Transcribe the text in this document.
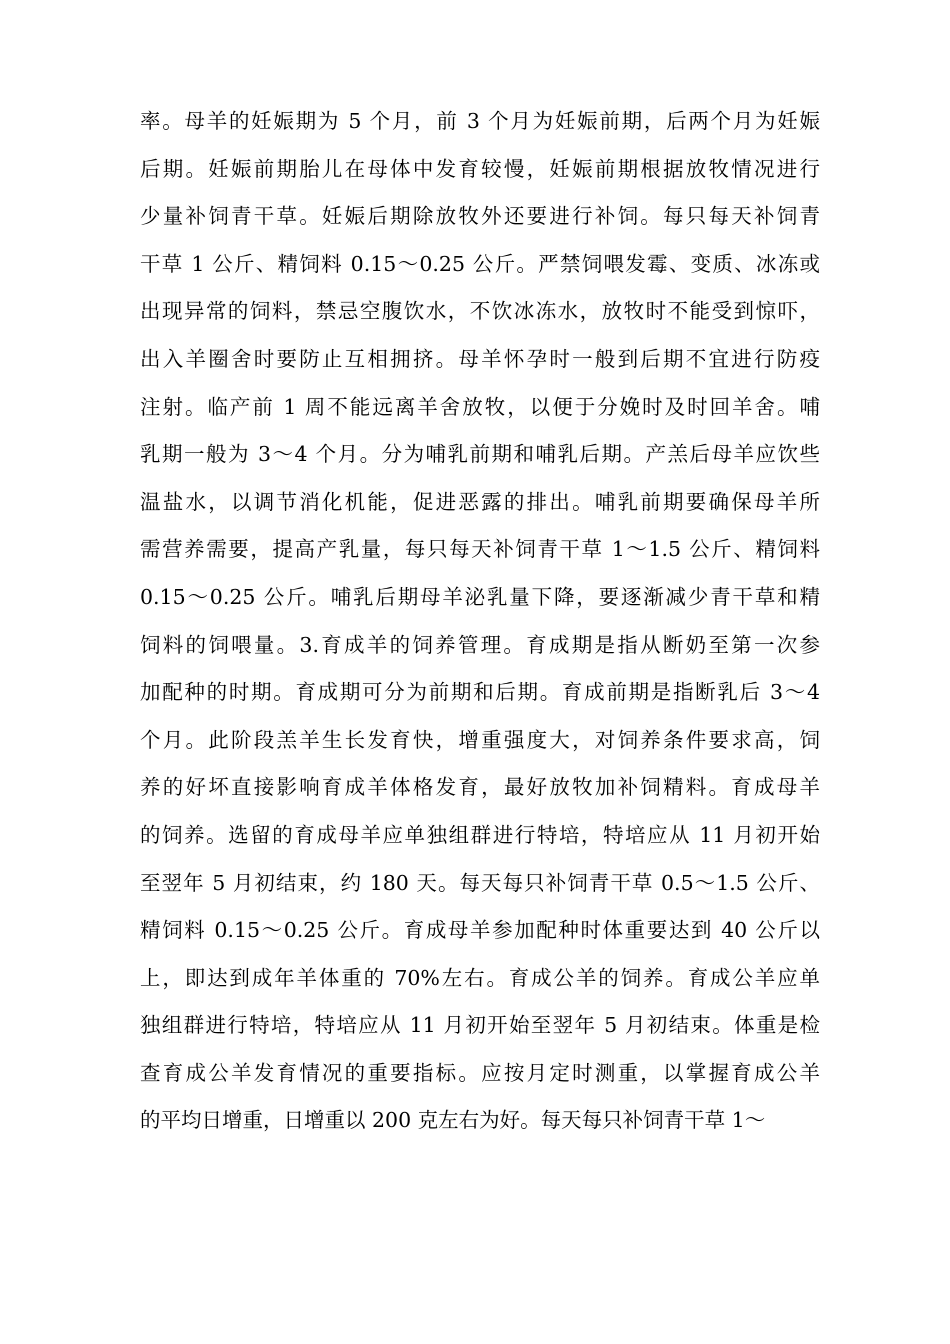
率。母羊的妊娠期为 5 个月，前 3 个月为妊娠前期，后两个月为妊娠
后期。妊娠前期胎儿在母体中发育较慢，妊娠前期根据放牧情况进行
少量补饲青干草。妊娠后期除放牧外还要进行补饲。每只每天补饲青
干草 1 公斤、精饲料 0.15～0.25 公斤。严禁饲喂发霉、变质、冰冻或
出现异常的饲料，禁忌空腹饮水，不饮冰冻水，放牧时不能受到惊吓，
出入羊圈舍时要防止互相拥挤。母羊怀孕时一般到后期不宜进行防疫
注射。临产前 1 周不能远离羊舍放牧，以便于分娩时及时回羊舍。哺
乳期一般为 3～4 个月。分为哺乳前期和哺乳后期。产羔后母羊应饮些
温盐水，以调节消化机能，促进恶露的排出。哺乳前期要确保母羊所
需营养需要，提高产乳量，每只每天补饲青干草 1～1.5 公斤、精饲料
0.15～0.25 公斤。哺乳后期母羊泌乳量下降，要逐渐减少青干草和精
饲料的饲喂量。3.育成羊的饲养管理。育成期是指从断奶至第一次参
加配种的时期。育成期可分为前期和后期。育成前期是指断乳后 3～4
个月。此阶段羔羊生长发育快，增重强度大，对饲养条件要求高，饲
养的好坏直接影响育成羊体格发育，最好放牧加补饲精料。育成母羊
的饲养。选留的育成母羊应单独组群进行特培，特培应从 11 月初开始
至翌年 5 月初结束，约 180 天。每天每只补饲青干草 0.5～1.5 公斤、
精饲料 0.15～0.25 公斤。育成母羊参加配种时体重要达到 40 公斤以
上，即达到成年羊体重的 70%左右。育成公羊的饲养。育成公羊应单
独组群进行特培，特培应从 11 月初开始至翌年 5 月初结束。体重是检
查育成公羊发育情况的重要指标。应按月定时测重，以掌握育成公羊
的平均日增重，日增重以 200 克左右为好。每天每只补饲青干草 1～
